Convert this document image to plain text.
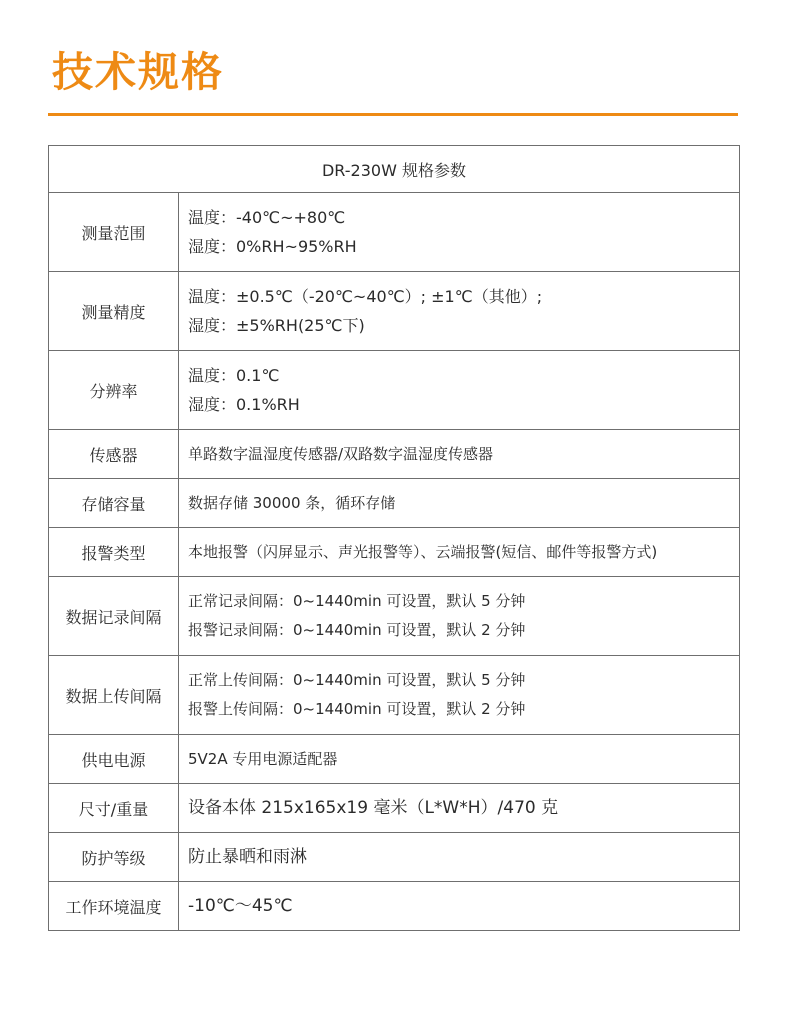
技术规格
DR-230W 规格参数	
测量范围	温度：-40℃~+80℃
湿度：0%RH~95%RH

测量精度	温度：±0.5℃（-20℃~40℃）; ±1℃（其他）;
湿度：±5%RH(25℃下)

分辨率	温度：0.1℃
湿度：0.1%RH

传感器	单路数字温湿度传感器/双路数字温湿度传感器

存储容量	数据存储 30000 条，循环存储

报警类型	本地报警（闪屏显示、声光报警等）、云端报警(短信、邮件等报警方式)

数据记录间隔	正常记录间隔：0~1440min 可设置，默认 5 分钟
报警记录间隔：0~1440min 可设置，默认 2 分钟

数据上传间隔	正常上传间隔：0~1440min 可设置，默认 5 分钟
报警上传间隔：0~1440min 可设置，默认 2 分钟

供电电源	5V2A 专用电源适配器

尺寸/重量	设备本体 215x165x19 毫米（L*W*H）/470 克

防护等级	防止暴晒和雨淋

工作环境温度	-10℃～45℃
